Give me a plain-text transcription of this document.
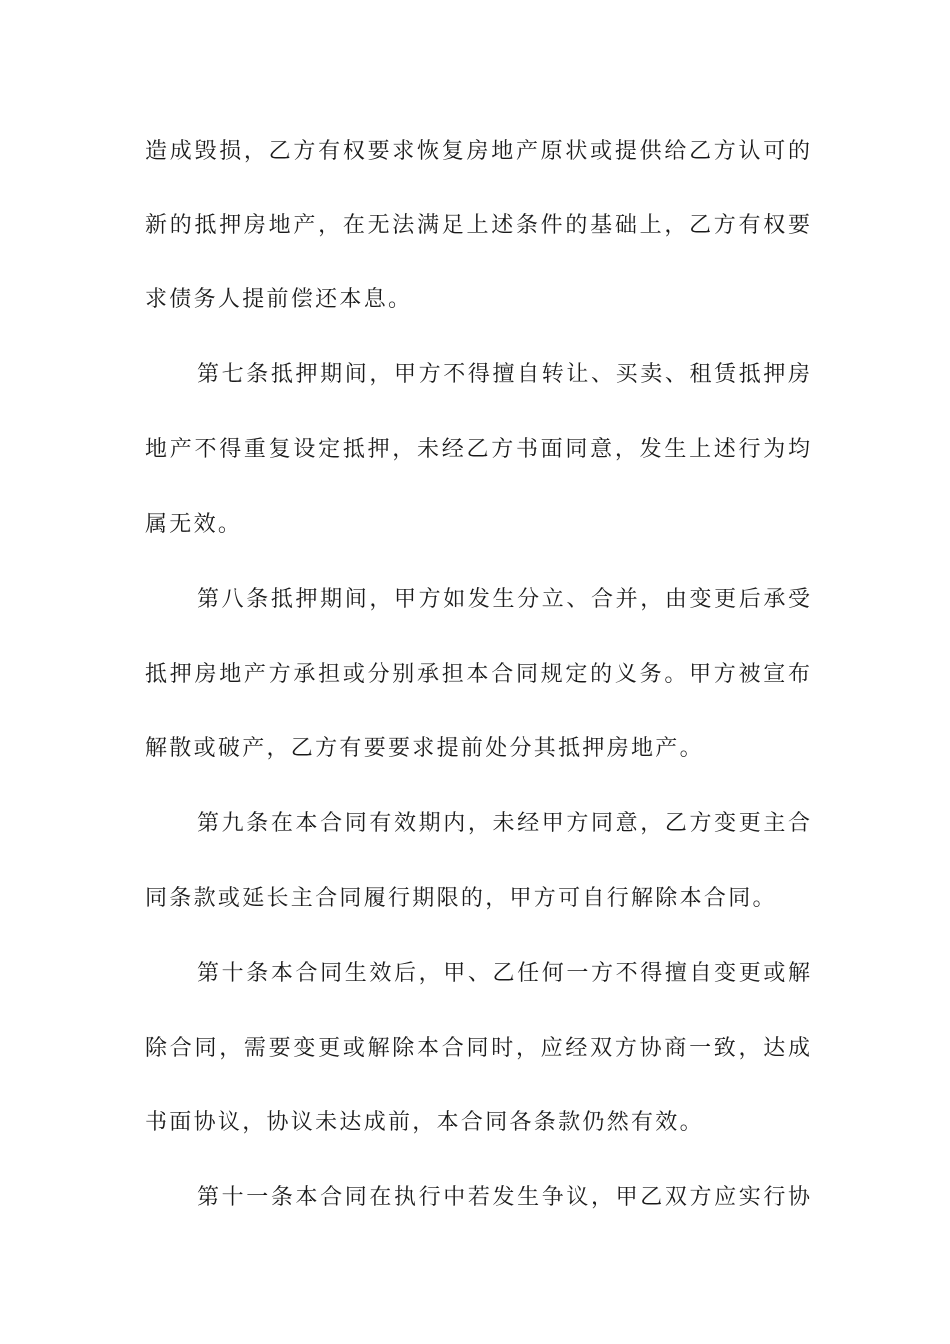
造成毁损，乙方有权要求恢复房地产原状或提供给乙方认可的
新的抵押房地产，在无法满足上述条件的基础上，乙方有权要
求债务人提前偿还本息。
第七条抵押期间，甲方不得擅自转让、买卖、租赁抵押房
地产不得重复设定抵押，未经乙方书面同意，发生上述行为均
属无效。
第八条抵押期间，甲方如发生分立、合并，由变更后承受
抵押房地产方承担或分别承担本合同规定的义务。甲方被宣布
解散或破产，乙方有要要求提前处分其抵押房地产。
第九条在本合同有效期内，未经甲方同意，乙方变更主合
同条款或延长主合同履行期限的，甲方可自行解除本合同。
第十条本合同生效后，甲、乙任何一方不得擅自变更或解
除合同，需要变更或解除本合同时，应经双方协商一致，达成
书面协议，协议未达成前，本合同各条款仍然有效。
第十一条本合同在执行中若发生争议，甲乙双方应实行协
